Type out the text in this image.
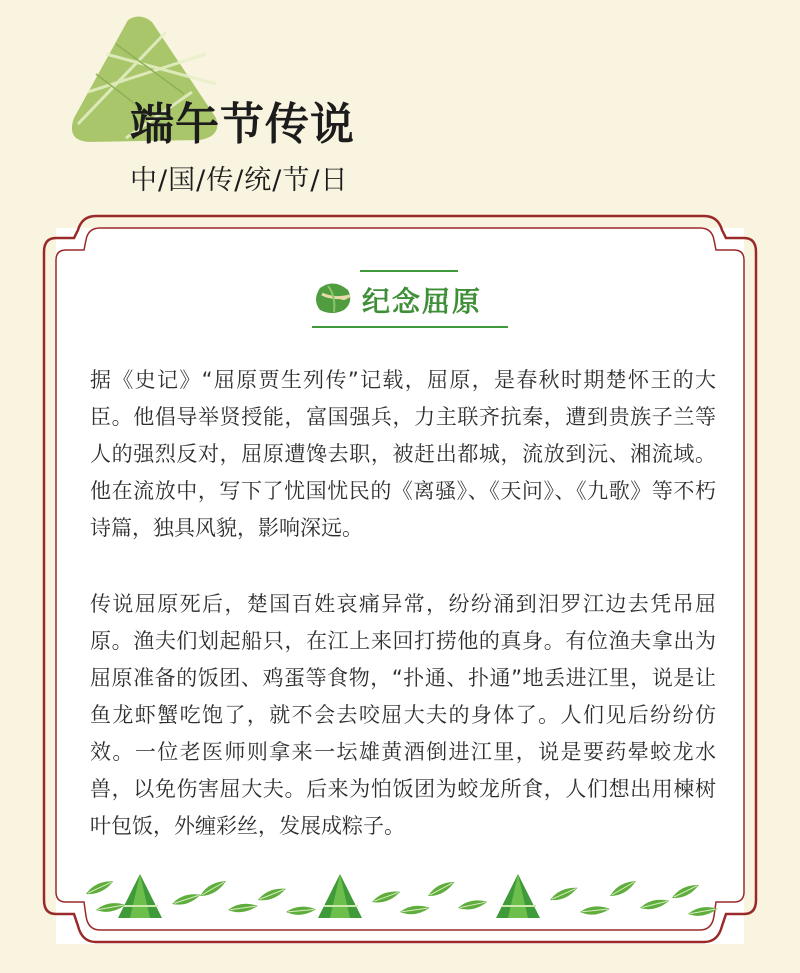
端午节传说

中/国/传/统/节/日

纪念屈原

据《史记》“屈原贾生列传”记载，屈原，是春秋时期楚怀王的大臣。他倡导举贤授能，富国强兵，力主联齐抗秦，遭到贵族子兰等人的强烈反对，屈原遭馋去职，被赶出都城，流放到沅、湘流域。他在流放中，写下了忧国忧民的《离骚》、《天问》、《九歌》等不朽诗篇，独具风貌，影响深远。

传说屈原死后，楚国百姓哀痛异常，纷纷涌到汨罗江边去凭吊屈原。渔夫们划起船只，在江上来回打捞他的真身。有位渔夫拿出为屈原准备的饭团、鸡蛋等食物，“扑通、扑通”地丢进江里，说是让鱼龙虾蟹吃饱了，就不会去咬屈大夫的身体了。人们见后纷纷仿效。一位老医师则拿来一坛雄黄酒倒进江里，说是要药晕蛟龙水兽，以免伤害屈大夫。后来为怕饭团为蛟龙所食，人们想出用楝树叶包饭，外缠彩丝，发展成粽子。
